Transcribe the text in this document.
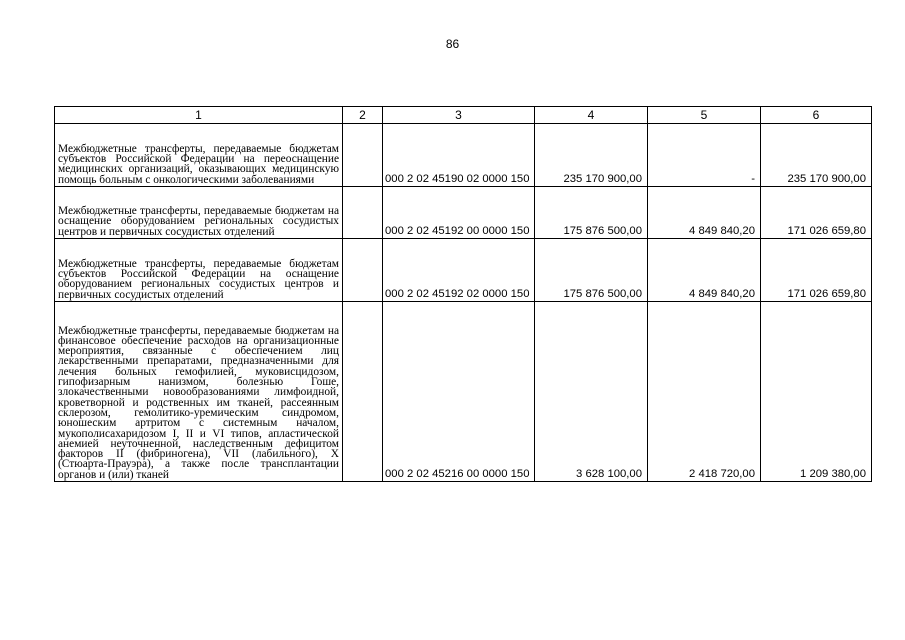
86
1	2	3	4	5	6
Межбюджетные трансферты, передаваемые бюджетам субъектов Российской Федерации на переоснащение медицинских организаций, оказывающих медицинскую помощь больным с онкологическими заболеваниями		000 2 02 45190 02 0000 150	235 170 900,00	-	235 170 900,00
Межбюджетные трансферты, передаваемые бюджетам на оснащение оборудованием региональных сосудистых центров и первичных сосудистых отделений		000 2 02 45192 00 0000 150	175 876 500,00	4 849 840,20	171 026 659,80
Межбюджетные трансферты, передаваемые бюджетам субъектов Российской Федерации на оснащение оборудованием региональных сосудистых центров и первичных сосудистых отделений		000 2 02 45192 02 0000 150	175 876 500,00	4 849 840,20	171 026 659,80
Межбюджетные трансферты, передаваемые бюджетам на финансовое обеспечение расходов на организационные мероприятия, связанные с обеспечением лиц лекарственными препаратами, предназначенными для лечения больных гемофилией, муковисцидозом, гипофизарным нанизмом, болезнью Гоше, злокачественными новообразованиями лимфоидной, кроветворной и родственных им тканей, рассеянным склерозом, гемолитико-уремическим синдромом, юношеским артритом с системным началом, мукополисахаридозом I, II и VI типов, апластической анемией неуточненной, наследственным дефицитом факторов II (фибриногена), VII (лабильного), X (Стюарта-Прауэра), а также после трансплантации органов и (или) тканей		000 2 02 45216 00 0000 150	3 628 100,00	2 418 720,00	1 209 380,00
